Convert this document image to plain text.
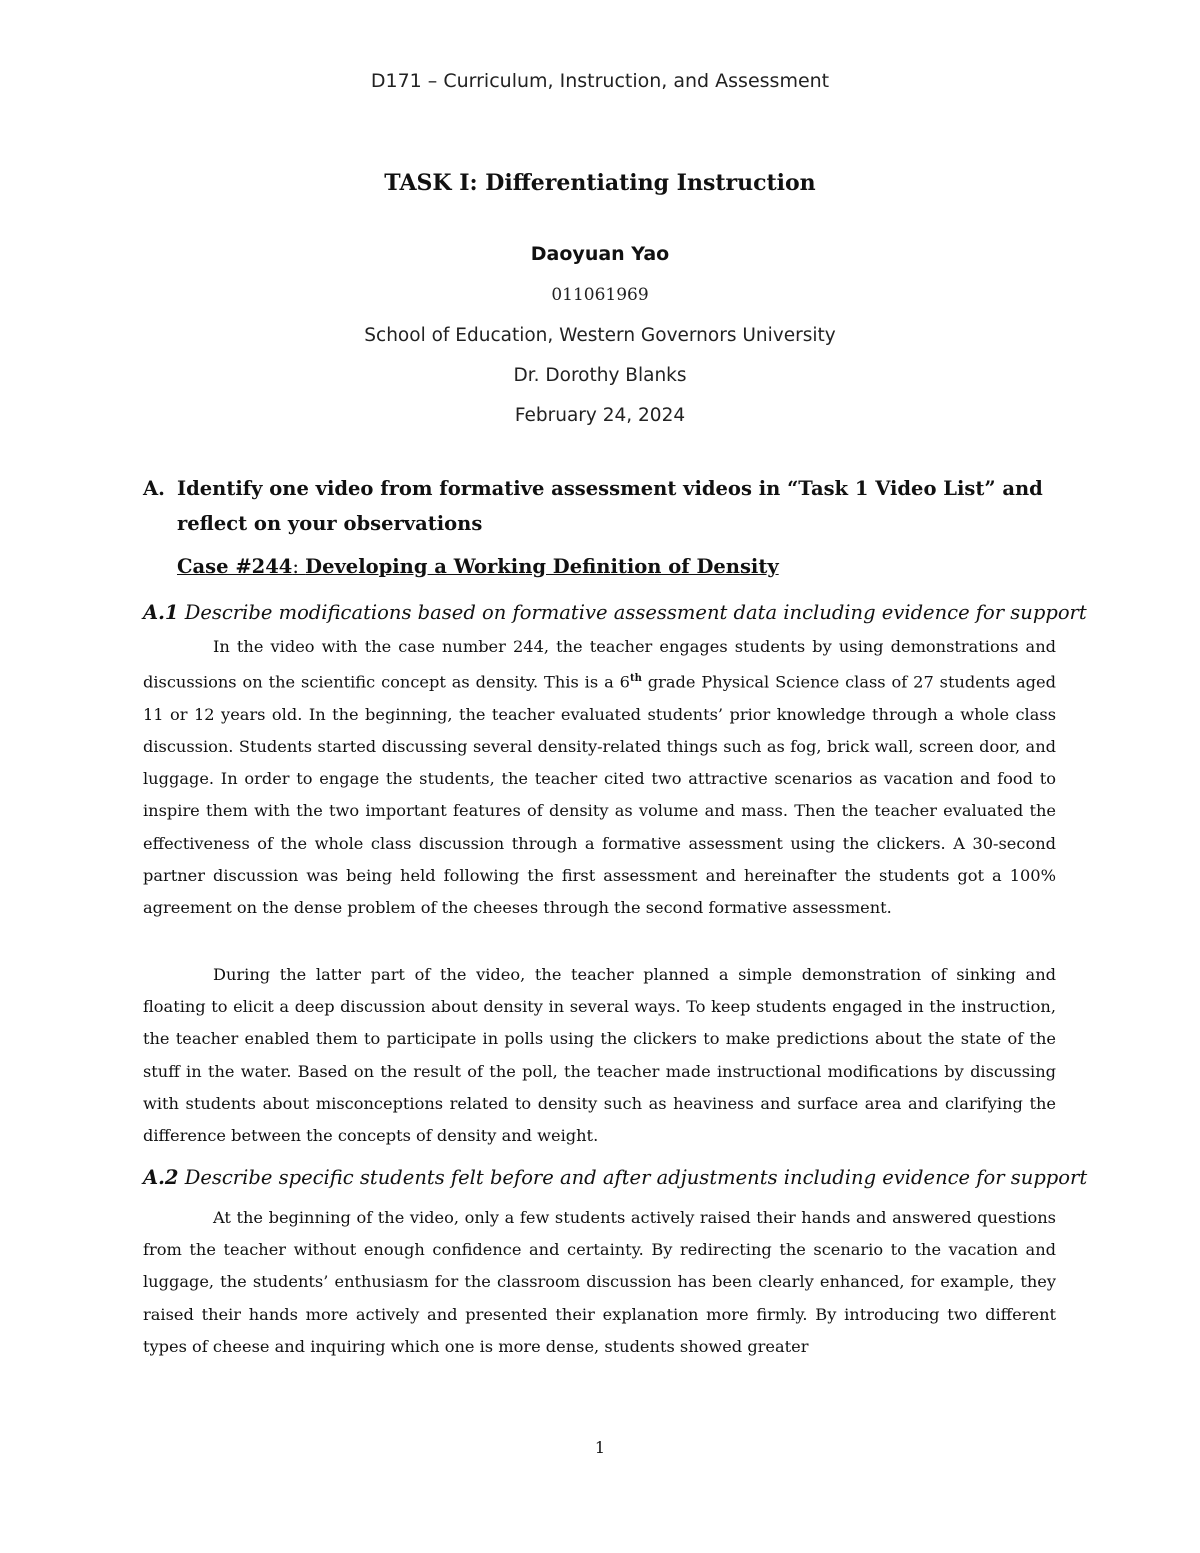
D171 – Curriculum, Instruction, and Assessment
TASK I: Differentiating Instruction
Daoyuan Yao
011061969
School of Education, Western Governors University
Dr. Dorothy Blanks
February 24, 2024
A. Identify one video from formative assessment videos in “Task 1 Video List” and reflect on your observations
Case #244: Developing a Working Definition of Density
A.1 Describe modifications based on formative assessment data including evidence for support

In the video with the case number 244, the teacher engages students by using demonstrations and discussions on the scientific concept as density. This is a 6th grade Physical Science class of 27 students aged 11 or 12 years old. In the beginning, the teacher evaluated students’ prior knowledge through a whole class discussion. Students started discussing several density-related things such as fog, brick wall, screen door, and luggage. In order to engage the students, the teacher cited two attractive scenarios as vacation and food to inspire them with the two important features of density as volume and mass. Then the teacher evaluated the effectiveness of the whole class discussion through a formative assessment using the clickers. A 30-second partner discussion was being held following the first assessment and hereinafter the students got a 100% agreement on the dense problem of the cheeses through the second formative assessment.

During the latter part of the video, the teacher planned a simple demonstration of sinking and floating to elicit a deep discussion about density in several ways. To keep students engaged in the instruction, the teacher enabled them to participate in polls using the clickers to make predictions about the state of the stuff in the water. Based on the result of the poll, the teacher made instructional modifications by discussing with students about misconceptions related to density such as heaviness and surface area and clarifying the difference between the concepts of density and weight.

A.2 Describe specific students felt before and after adjustments including evidence for support

At the beginning of the video, only a few students actively raised their hands and answered questions from the teacher without enough confidence and certainty. By redirecting the scenario to the vacation and luggage, the students’ enthusiasm for the classroom discussion has been clearly enhanced, for example, they raised their hands more actively and presented their explanation more firmly. By introducing two different types of cheese and inquiring which one is more dense, students showed greater

1
